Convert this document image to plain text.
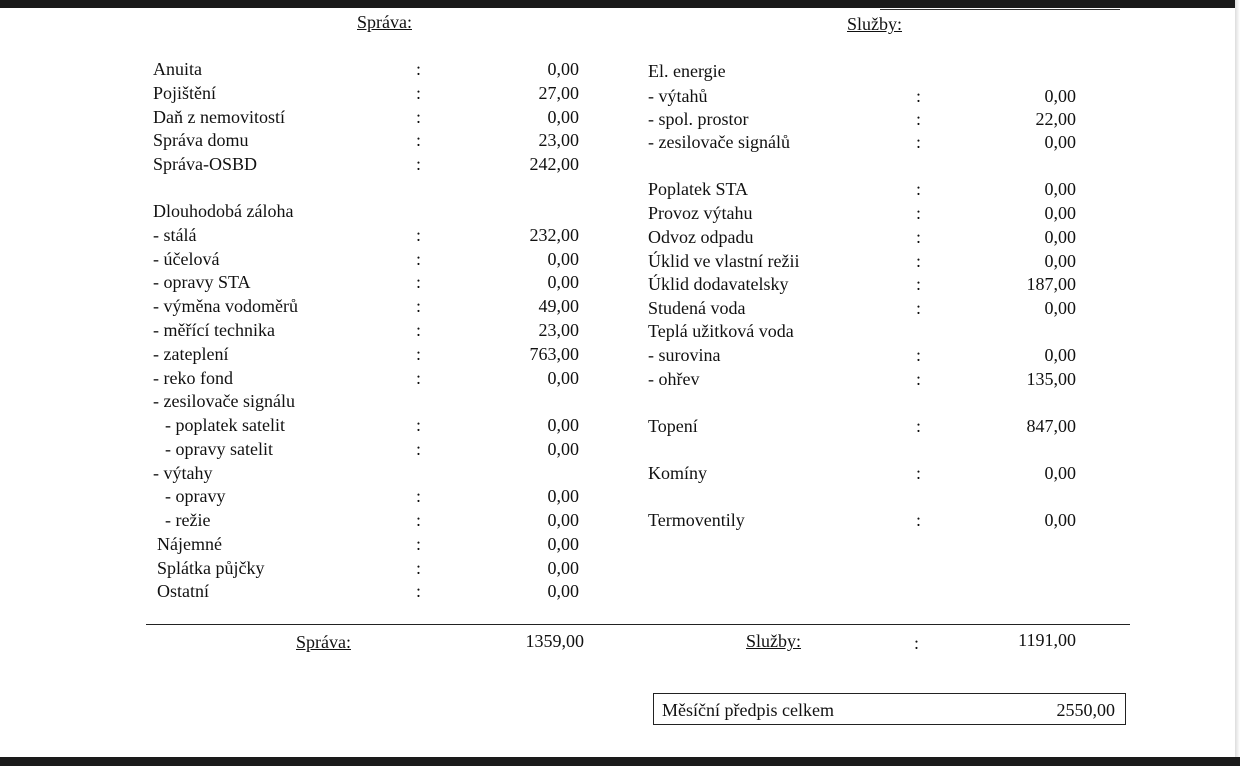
Správa:	Služby:
Anuita	:	0,00
Pojištění	:	27,00
Daň z nemovitostí	:	0,00
Správa domu	:	23,00
Správa-OSBD	:	242,00
Dlouhodobá záloha
- stálá	:	232,00
- účelová	:	0,00
- opravy STA	:	0,00
- výměna vodoměrů	:	49,00
- měřící technika	:	23,00
- zateplení	:	763,00
- reko fond	:	0,00
- zesilovače signálu
- poplatek satelit	:	0,00
- opravy satelit	:	0,00
- výtahy
- opravy	:	0,00
- režie	:	0,00
Nájemné	:	0,00
Splátka půjčky	:	0,00
Ostatní	:	0,00
El. energie
- výtahů	:	0,00
- spol. prostor	:	22,00
- zesilovače signálů	:	0,00
Poplatek STA	:	0,00
Provoz výtahu	:	0,00
Odvoz odpadu	:	0,00
Úklid ve vlastní režii	:	0,00
Úklid dodavatelsky	:	187,00
Studená voda	:	0,00
Teplá užitková voda
- surovina	:	0,00
- ohřev	:	135,00
Topení	:	847,00
Komíny	:	0,00
Termoventily	:	0,00
Správa:	1359,00	Služby:	:	1191,00
Měsíční předpis celkem	2550,00
